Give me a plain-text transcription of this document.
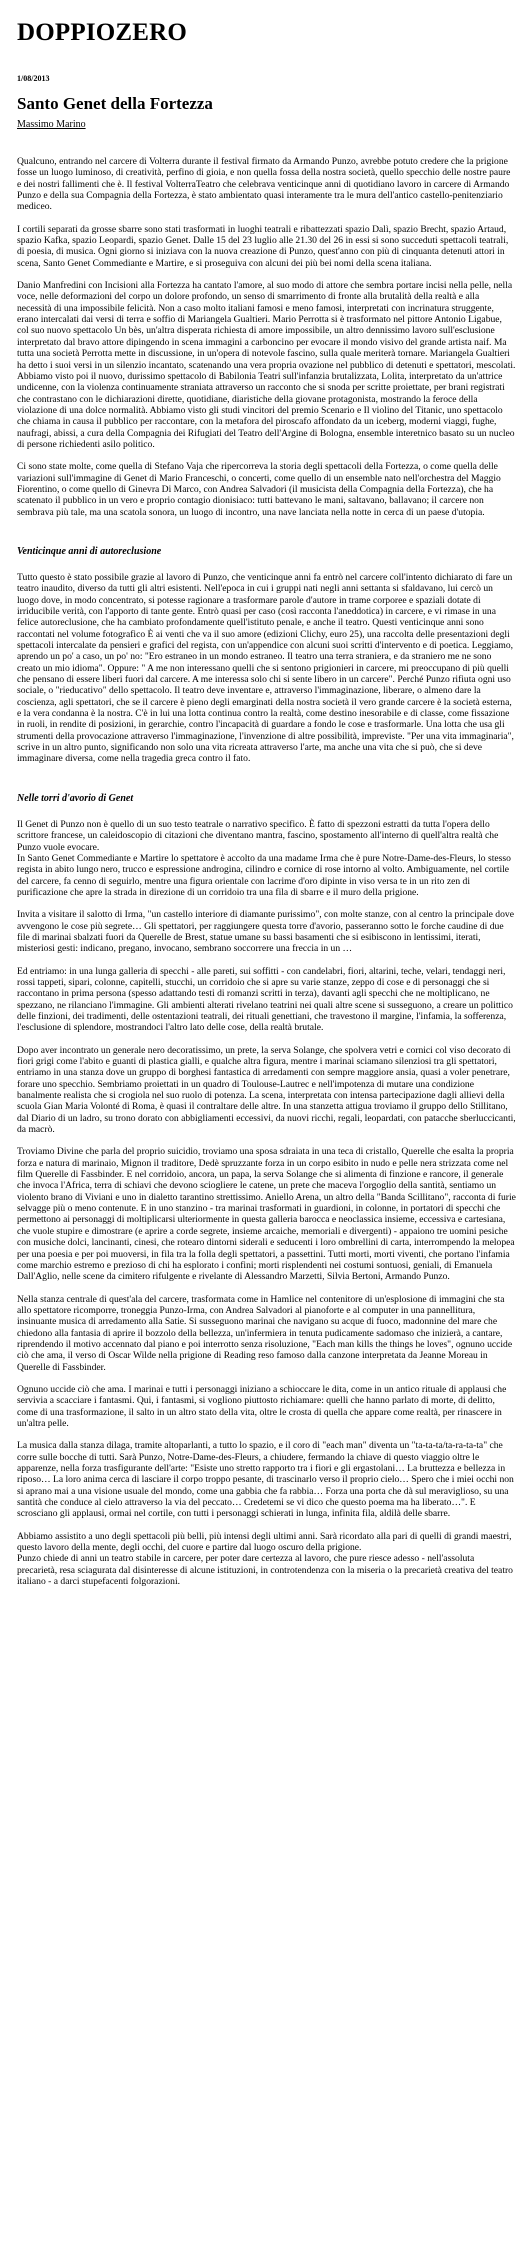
DOPPIOZERO
1/08/2013
Santo Genet della Fortezza
Massimo Marino

Qualcuno, entrando nel carcere di Volterra durante il festival firmato da Armando Punzo, avrebbe potuto credere che la prigione fosse un luogo luminoso, di creatività, perfino di gioia, e non quella fossa della nostra società, quello specchio delle nostre paure e dei nostri fallimenti che è. Il festival VolterraTeatro che celebrava venticinque anni di quotidiano lavoro in carcere di Armando Punzo e della sua Compagnia della Fortezza, è stato ambientato quasi interamente tra le mura dell'antico castello-penitenziario mediceo.

I cortili separati da grosse sbarre sono stati trasformati in luoghi teatrali e ribattezzati spazio Dalì, spazio Brecht, spazio Artaud, spazio Kafka, spazio Leopardi, spazio Genet. Dalle 15 del 23 luglio alle 21.30 del 26 in essi si sono succeduti spettacoli teatrali, di poesia, di musica. Ogni giorno si iniziava con la nuova creazione di Punzo, quest'anno con più di cinquanta detenuti attori in scena, Santo Genet Commediante e Martire, e si proseguiva con alcuni dei più bei nomi della scena italiana.

Danio Manfredini con Incisioni alla Fortezza ha cantato l'amore, al suo modo di attore che sembra portare incisi nella pelle, nella voce, nelle deformazioni del corpo un dolore profondo, un senso di smarrimento di fronte alla brutalità della realtà e alla necessità di una impossibile felicità. Non a caso molto italiani famosi e meno famosi, interpretati con incrinatura struggente, erano intercalati dai versi di terra e soffio di Mariangela Gualtieri. Mario Perrotta si è trasformato nel pittore Antonio Ligabue, col suo nuovo spettacolo Un bès, un'altra disperata richiesta di amore impossibile, un altro dennissimo lavoro sull'esclusione interpretato dal bravo attore dipingendo in scena immagini a carboncino per evocare il mondo visivo del grande artista naif. Ma tutta una società Perrotta mette in discussione, in un'opera di notevole fascino, sulla quale meriterà tornare. Mariangela Gualtieri ha detto i suoi versi in un silenzio incantato, scatenando una vera propria ovazione nel pubblico di detenuti e spettatori, mescolati. Abbiamo visto poi il nuovo, durissimo spettacolo di Babilonia Teatri sull'infanzia brutalizzata, Lolita, interpretato da un'attrice undicenne, con la violenza continuamente straniata attraverso un racconto che si snoda per scritte proiettate, per brani registrati che contrastano con le dichiarazioni dirette, quotidiane, diaristiche della giovane protagonista, mostrando la feroce della violazione di una dolce normalità. Abbiamo visto gli studi vincitori del premio Scenario e Il violino del Titanic, uno spettacolo che chiama in causa il pubblico per raccontare, con la metafora del piroscafo affondato da un iceberg, moderni viaggi, fughe, naufragi, abissi, a cura della Compagnia dei Rifugiati del Teatro dell'Argine di Bologna, ensemble interetnico basato su un nucleo di persone richiedenti asilo politico.

Ci sono state molte, come quella di Stefano Vaja che ripercorreva la storia degli spettacoli della Fortezza, o come quella delle variazioni sull'immagine di Genet di Mario Franceschi, o concerti, come quello di un ensemble nato nell'orchestra del Maggio Fiorentino, o come quello di Ginevra Di Marco, con Andrea Salvadori (il musicista della Compagnia della Fortezza), che ha scatenato il pubblico in un vero e proprio contagio dionisiaco: tutti battevano le mani, saltavano, ballavano; il carcere non sembrava più tale, ma una scatola sonora, un luogo di incontro, una nave lanciata nella notte in cerca di un paese d'utopia.

Venticinque anni di autoreclusione

Tutto questo è stato possibile grazie al lavoro di Punzo, che venticinque anni fa entrò nel carcere coll'intento dichiarato di fare un teatro inaudito, diverso da tutti gli altri esistenti. Nell'epoca in cui i gruppi nati negli anni settanta si sfaldavano, lui cercò un luogo dove, in modo concentrato, si potesse ragionare a trasformare parole d'autore in trame corporee e spaziali dotate di irriducibile verità, con l'apporto di tante gente. Entrò quasi per caso (così racconta l'aneddotica) in carcere, e vi rimase in una felice autoreclusione, che ha cambiato profondamente quell'istituto penale, e anche il teatro. Questi venticinque anni sono raccontati nel volume fotografico È ai venti che va il suo amore (edizioni Clichy, euro 25), una raccolta delle presentazioni degli spettacoli intercalate da pensieri e grafici del regista, con un'appendice con alcuni suoi scritti d'intervento e di poetica. Leggiamo, aprendo un po' a caso, un po' no: "Ero estraneo in un mondo estraneo. Il teatro una terra straniera, e da straniero me ne sono creato un mio idioma". Oppure: " A me non interessano quelli che si sentono prigionieri in carcere, mi preoccupano di più quelli che pensano di essere liberi fuori dal carcere. A me interessa solo chi si sente libero in un carcere". Perché Punzo rifiuta ogni uso sociale, o "rieducativo" dello spettacolo. Il teatro deve inventare e, attraverso l'immaginazione, liberare, o almeno dare la coscienza, agli spettatori, che se il carcere è pieno degli emarginati della nostra società il vero grande carcere è la società esterna, e la vera condanna è la nostra. C'è in lui una lotta continua contro la realtà, come destino inesorabile e di classe, come fissazione in ruoli, in rendite di posizioni, in gerarchie, contro l'incapacità di guardare a fondo le cose e trasformarle. Una lotta che usa gli strumenti della provocazione attraverso l'immaginazione, l'invenzione di altre possibilità, impreviste. "Per una vita immaginaria", scrive in un altro punto, significando non solo una vita ricreata attraverso l'arte, ma anche una vita che si può, che si deve immaginare diversa, come nella tragedia greca contro il fato.

Nelle torri d'avorio di Genet

Il Genet di Punzo non è quello di un suo testo teatrale o narrativo specifico. È fatto di spezzoni estratti da tutta l'opera dello scrittore francese, un caleidoscopio di citazioni che diventano mantra, fascino, spostamento all'interno di quell'altra realtà che Punzo vuole evocare.
In Santo Genet Commediante e Martire lo spettatore è accolto da una madame Irma che è pure Notre-Dame-des-Fleurs, lo stesso regista in abito lungo nero, trucco e espressione androgina, cilindro e cornice di rose intorno al volto. Ambiguamente, nel cortile del carcere, fa cenno di seguirlo, mentre una figura orientale con lacrime d'oro dipinte in viso versa te in un rito zen di purificazione che apre la strada in direzione di un corridoio tra una fila di sbarre e il muro della prigione.

Invita a visitare il salotto di Irma, "un castello interiore di diamante purissimo", con molte stanze, con al centro la principale dove avvengono le cose più segrete… Gli spettatori, per raggiungere questa torre d'avorio, passeranno sotto le forche caudine di due file di marinai sbalzati fuori da Querelle de Brest, statue umane su bassi basamenti che si esibiscono in lentissimi, iterati, misteriosi gesti: indicano, pregano, invocano, sembrano soccorrere una freccia in un …

Ed entriamo: in una lunga galleria di specchi - alle pareti, sui soffitti - con candelabri, fiori, altarini, teche, velari, tendaggi neri, rossi tappeti, sipari, colonne, capitelli, stucchi, un corridoio che si apre su varie stanze, zeppo di cose e di personaggi che si raccontano in prima persona (spesso adattando testi di romanzi scritti in terza), davanti agli specchi che ne moltiplicano, ne spezzano, ne rilanciano l'immagine. Gli ambienti alterati rivelano teatrini nei quali altre scene si susseguono, a creare un polittico delle finzioni, dei tradimenti, delle ostentazioni teatrali, dei rituali genettiani, che travestono il margine, l'infamia, la sofferenza, l'esclusione di splendore, mostrandoci l'altro lato delle cose, della realtà brutale.

Dopo aver incontrato un generale nero decoratissimo, un prete, la serva Solange, che spolvera vetri e cornici col viso decorato di fiori grigi come l'abito e guanti di plastica gialli, e qualche altra figura, mentre i marinai sciamano silenziosi tra gli spettatori, entriamo in una stanza dove un gruppo di borghesi fantastica di arredamenti con sempre maggiore ansia, quasi a voler penetrare, forare uno specchio. Sembriamo proiettati in un quadro di Toulouse-Lautrec e nell'impotenza di mutare una condizione banalmente realista che si crogiola nel suo ruolo di potenza. La scena, interpretata con intensa partecipazione dagli allievi della scuola Gian Maria Volonté di Roma, è quasi il contraltare delle altre. In una stanzetta attigua troviamo il gruppo dello Stillitano, dal Diario di un ladro, su trono dorato con abbigliamenti eccessivi, da nuovi ricchi, regali, leopardati, con patacche sberluccicanti, da macrò.

Troviamo Divine che parla del proprio suicidio, troviamo una sposa sdraiata in una teca di cristallo, Querelle che esalta la propria forza e natura di marinaio, Mignon il traditore, Dedè spruzzante forza in un corpo esibito in nudo e pelle nera strizzata come nel film Querelle di Fassbinder. E nel corridoio, ancora, un papa, la serva Solange che si alimenta di finzione e rancore, il generale che invoca l'Africa, terra di schiavi che devono sciogliere le catene, un prete che maceva l'orgoglio della santità, sentiamo un violento brano di Viviani e uno in dialetto tarantino strettissimo. Aniello Arena, un altro della "Banda Scillitano", racconta di furie selvagge più o meno contenute. E in uno stanzino - tra marinai trasformati in guardioni, in colonne, in portatori di specchi che permettono ai personaggi di moltiplicarsi ulteriormente in questa galleria barocca e neoclassica insieme, eccessiva e cartesiana, che vuole stupire e dimostrare (e aprire a corde segrete, insieme arcaiche, memoriali e divergenti) - appaiono tre uomini pesiche con musiche dolci, lancinanti, cinesi, che rotearo dintorni siderali e seducenti i loro ombrellini di carta, interrompendo la melopea per una poesia e per poi muoversi, in fila tra la folla degli spettatori, a passettini. Tutti morti, morti viventi, che portano l'infamia come marchio estremo e prezioso di chi ha esplorato i confini; morti risplendenti nei costumi sontuosi, geniali, di Emanuela Dall'Aglio, nelle scene da cimitero rifulgente e rivelante di Alessandro Marzetti, Silvia Bertoni, Armando Punzo.

Nella stanza centrale di quest'ala del carcere, trasformata come in Hamlice nel contenitore di un'esplosione di immagini che sta allo spettatore ricomporre, troneggia Punzo-Irma, con Andrea Salvadori al pianoforte e al computer in una pannellitura, insinuante musica di arredamento alla Satie. Si susseguono marinai che navigano su acque di fuoco, madonnine del mare che chiedono alla fantasia di aprire il bozzolo della bellezza, un'infermiera in tenuta pudicamente sadomaso che inizierà, a cantare, riprendendo il motivo accennato dal piano e poi interrotto senza risoluzione, "Each man kills the things he loves", ognuno uccide ciò che ama, il verso di Oscar Wilde nella prigione di Reading reso famoso dalla canzone interpretata da Jeanne Moreau in Querelle di Fassbinder.

Ognuno uccide ciò che ama. I marinai e tutti i personaggi iniziano a schioccare le dita, come in un antico rituale di applausi che servivia a scacciare i fantasmi. Qui, i fantasmi, si vogliono piuttosto richiamare: quelli che hanno parlato di morte, di delitto, come di una trasformazione, il salto in un altro stato della vita, oltre le crosta di quella che appare come realtà, per rinascere in un'altra pelle.

La musica dalla stanza dilaga, tramite altoparlanti, a tutto lo spazio, e il coro di "each man" diventa un "ta-ta-ta/ta-ra-ta-ta" che corre sulle bocche di tutti. Sarà Punzo, Notre-Dame-des-Fleurs, a chiudere, fermando la chiave di questo viaggio oltre le apparenze, nella forza trasfigurante dell'arte: "Esiste uno stretto rapporto tra i fiori e gli ergastolani… La bruttezza e bellezza in riposo… La loro anima cerca di lasciare il corpo troppo pesante, di trascinarlo verso il proprio cielo… Spero che i miei occhi non si aprano mai a una visione usuale del mondo, come una gabbia che fa rabbia… Forza una porta che dà sul meraviglioso, su una santità che conduce al cielo attraverso la via del peccato… Credetemi se vi dico che questo poema ma ha liberato…". E scrosciano gli applausi, ormai nel cortile, con tutti i personaggi schierati in lunga, infinita fila, aldilà delle sbarre.

Abbiamo assistito a uno degli spettacoli più belli, più intensi degli ultimi anni. Sarà ricordato alla pari di quelli di grandi maestri, questo lavoro della mente, degli occhi, del cuore e partire dal luogo oscuro della prigione.
Punzo chiede di anni un teatro stabile in carcere, per poter dare certezza al lavoro, che pure riesce adesso - nell'assoluta precarietà, resa sciagurata dal disinteresse di alcune istituzioni, in controtendenza con la miseria o la precarietà creativa del teatro italiano - a darci stupefacenti folgorazioni.
